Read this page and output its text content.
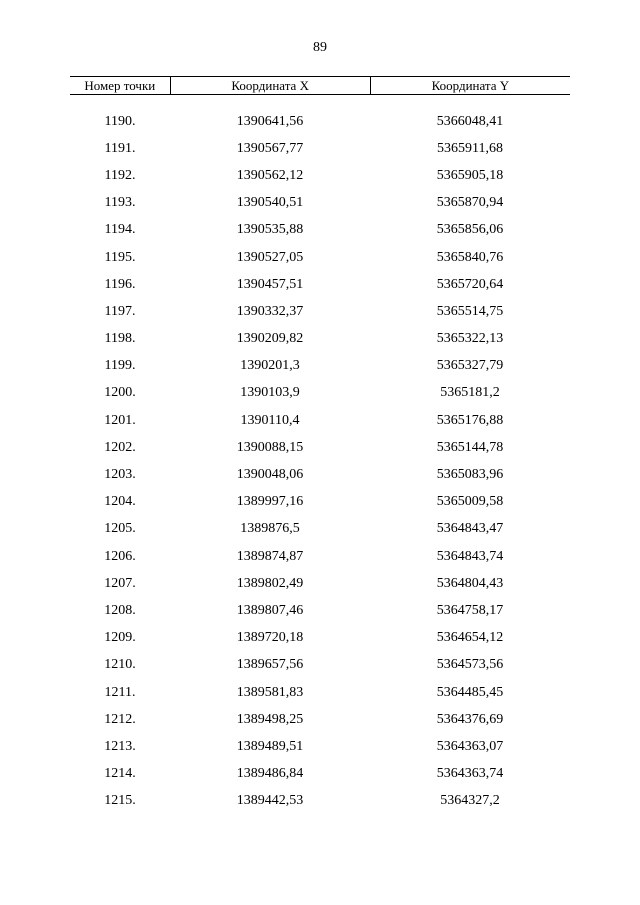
89
Номер точки	Координата X	Координата Y
1190.	1390641,56	5366048,41
1191.	1390567,77	5365911,68
1192.	1390562,12	5365905,18
1193.	1390540,51	5365870,94
1194.	1390535,88	5365856,06
1195.	1390527,05	5365840,76
1196.	1390457,51	5365720,64
1197.	1390332,37	5365514,75
1198.	1390209,82	5365322,13
1199.	1390201,3	5365327,79
1200.	1390103,9	5365181,2
1201.	1390110,4	5365176,88
1202.	1390088,15	5365144,78
1203.	1390048,06	5365083,96
1204.	1389997,16	5365009,58
1205.	1389876,5	5364843,47
1206.	1389874,87	5364843,74
1207.	1389802,49	5364804,43
1208.	1389807,46	5364758,17
1209.	1389720,18	5364654,12
1210.	1389657,56	5364573,56
1211.	1389581,83	5364485,45
1212.	1389498,25	5364376,69
1213.	1389489,51	5364363,07
1214.	1389486,84	5364363,74
1215.	1389442,53	5364327,2
